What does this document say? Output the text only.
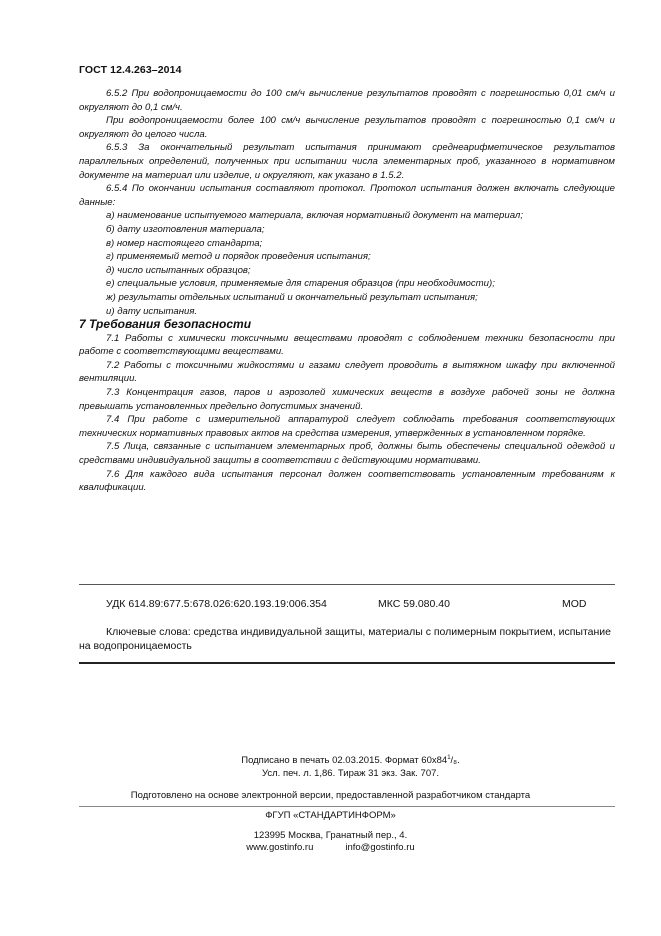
ГОСТ 12.4.263–2014

6.5.2 При водопроницаемости до 100 см/ч вычисление результатов проводят с погрешностью 0,01 см/ч и округляют до 0,1 см/ч.

При водопроницаемости более 100 см/ч вычисление результатов проводят с погрешностью 0,1 см/ч и округляют до целого числа.

6.5.3 За окончательный результат испытания принимают среднеарифметическое результатов параллельных определений, полученных при испытании числа элементарных проб, указанного в нормативном документе на материал или изделие, и округляют, как указано в 1.5.2.

6.5.4 По окончании испытания составляют протокол. Протокол испытания должен включать следующие данные:

а) наименование испытуемого материала, включая нормативный документ на материал;

б) дату изготовления материала;

в) номер настоящего стандарта;

г) применяемый метод и порядок проведения испытания;

д) число испытанных образцов;

е) специальные условия, применяемые для старения образцов (при необходимости);

ж) результаты отдельных испытаний и окончательный результат испытания;

и) дату испытания.

7 Требования безопасности

7.1 Работы с химически токсичными веществами проводят с соблюдением техники безопасности при работе с соответствующими веществами.

7.2 Работы с токсичными жидкостями и газами следует проводить в вытяжном шкафу при включенной вентиляции.

7.3 Концентрация газов, паров и аэрозолей химических веществ в воздухе рабочей зоны не должна превышать установленных предельно допустимых значений.

7.4 При работе с измерительной аппаратурой следует соблюдать требования соответствующих технических нормативных правовых актов на средства измерения, утвержденных в установленном порядке.

7.5 Лица, связанные с испытанием элементарных проб, должны быть обеспечены специальной одеждой и средствами индивидуальной защиты в соответствии с действующими нормативами.

7.6 Для каждого вида испытания персонал должен соответствовать установленным требованиям к квалификации.

УДК 614.89:677.5:678.026:620.193.19:006.354	МКС 59.080.40	MOD

Ключевые слова: средства индивидуальной защиты, материалы с полимерным покрытием, испытание на водопроницаемость

Подписано в печать 02.03.2015. Формат $60x84^1/_8$.

Усл. печ. л. 1,86. Тираж 31 экз. Зак. 707.

Подготовлено на основе электронной версии, предоставленной разработчиком стандарта

ФГУП «СТАНДАРТИНФОРМ»

123995 Москва, Гранатный пер., 4.

www.gostinfo.ru	info@gostinfo.ru
